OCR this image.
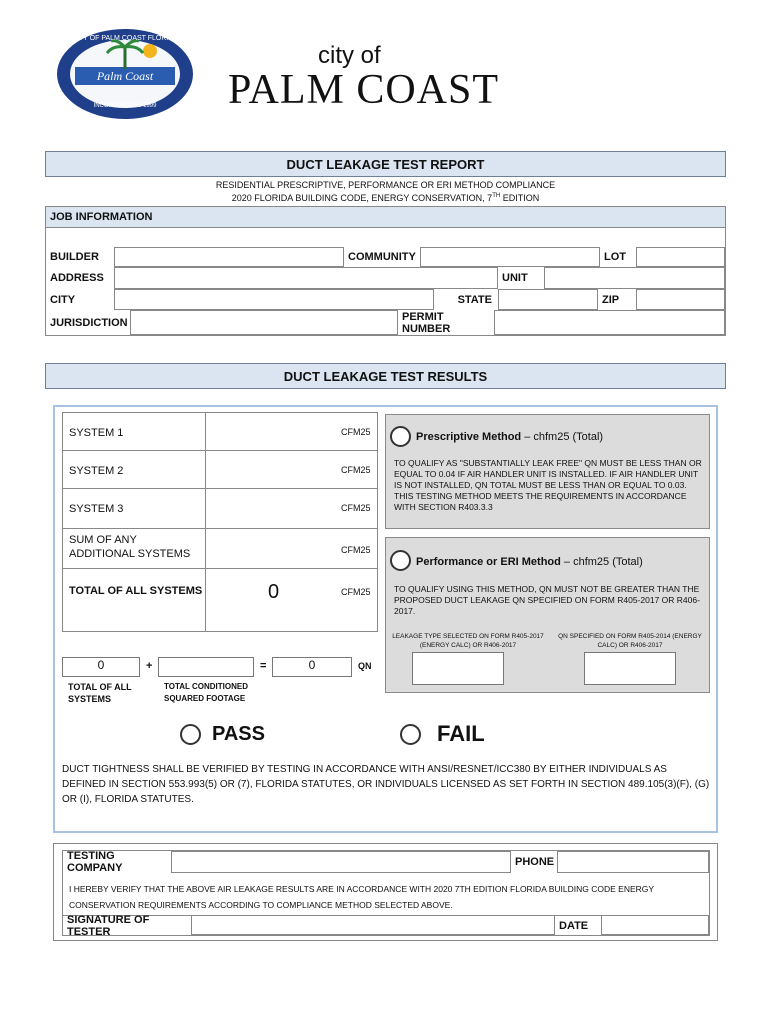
Palm Coast
INCORPORATED 1999
CITY OF PALM COAST FLORIDA
city of
PALM COAST
DUCT LEAKAGE TEST REPORT
RESIDENTIAL PRESCRIPTIVE, PERFORMANCE OR ERI METHOD COMPLIANCE
2020 FLORIDA BUILDING CODE, ENERGY CONSERVATION, 7TH EDITION
JOB INFORMATION
BUILDER	COMMUNITY	LOT
ADDRESS	UNIT
CITY	STATE	ZIP
JURISDICTION	PERMIT NUMBER
DUCT LEAKAGE TEST RESULTS
SYSTEM 1	CFM25
SYSTEM 2	CFM25
SYSTEM 3	CFM25
SUM OF ANY ADDITIONAL SYSTEMS	CFM25
TOTAL OF ALL SYSTEMS	0	CFM25
0	+	=	0	QN
TOTAL OF ALL SYSTEMS
TOTAL CONDITIONED SQUARED FOOTAGE
Prescriptive Method – chfm25 (Total)
TO QUALIFY AS "SUBSTANTIALLY LEAK FREE" QN MUST BE LESS THAN OR EQUAL TO 0.04 IF AIR HANDLER UNIT IS INSTALLED. IF AIR HANDLER UNIT IS NOT INSTALLED, QN TOTAL MUST BE LESS THAN OR EQUAL TO 0.03. THIS TESTING METHOD MEETS THE REQUIREMENTS IN ACCORDANCE WITH SECTION R403.3.3
Performance or ERI Method – chfm25 (Total)
TO QUALIFY USING THIS METHOD, QN MUST NOT BE GREATER THAN THE PROPOSED DUCT LEAKAGE QN SPECIFIED ON FORM R405-2017 OR R406-2017.
LEAKAGE TYPE SELECTED ON FORM R405-2017 (ENERGY CALC) OR R406-2017
QN SPECIFIED ON FORM R405-2014 (ENERGY CALC) OR R406-2017
PASS	FAIL
DUCT TIGHTNESS SHALL BE VERIFIED BY TESTING IN ACCORDANCE WITH ANSI/RESNET/ICC380 BY EITHER INDIVIDUALS AS DEFINED IN SECTION 553.993(5) OR (7), FLORIDA STATUTES, OR INDIVIDUALS LICENSED AS SET FORTH IN SECTION 489.105(3)(F), (G) OR (I), FLORIDA STATUTES.
TESTING COMPANY	PHONE
I HEREBY VERIFY THAT THE ABOVE AIR LEAKAGE RESULTS ARE IN ACCORDANCE WITH 2020 7TH EDITION FLORIDA BUILDING CODE ENERGY CONSERVATION REQUIREMENTS ACCORDING TO COMPLIANCE METHOD SELECTED ABOVE.
SIGNATURE OF TESTER	DATE
